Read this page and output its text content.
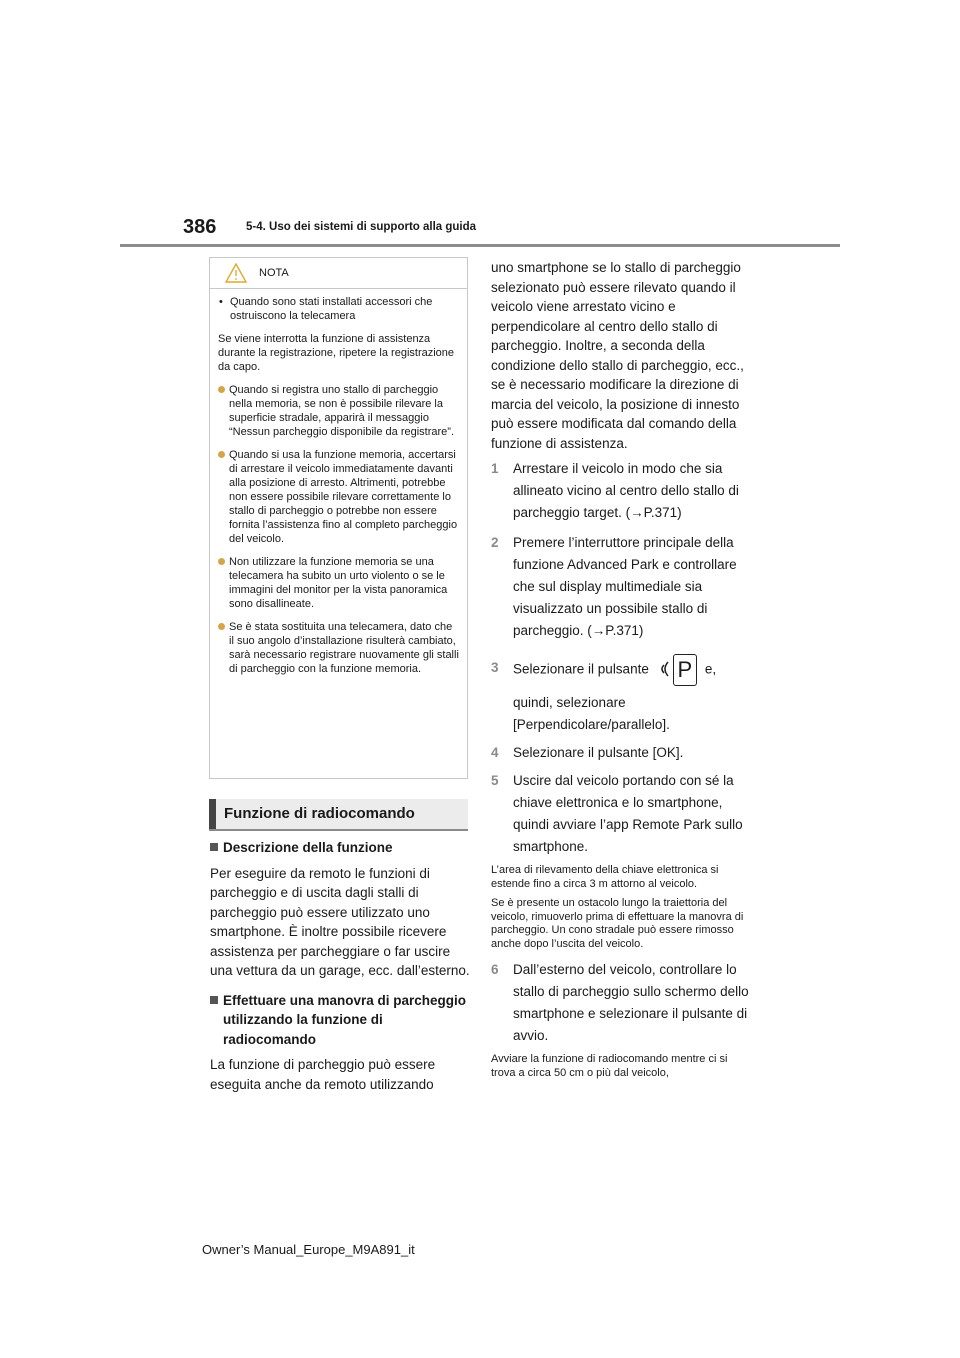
386	5-4. Uso dei sistemi di supporto alla guida
NOTA
• Quando sono stati installati accessori che ostruiscono la telecamera
Se viene interrotta la funzione di assistenza durante la registrazione, ripetere la registrazione da capo.
Quando si registra uno stallo di parcheggio nella memoria, se non è possibile rilevare la superficie stradale, apparirà il messaggio “Nessun parcheggio disponibile da registrare”.
Quando si usa la funzione memoria, accertarsi di arrestare il veicolo immediatamente davanti alla posizione di arresto. Altrimenti, potrebbe non essere possibile rilevare correttamente lo stallo di parcheggio o potrebbe non essere fornita l’assistenza fino al completo parcheggio del veicolo.
Non utilizzare la funzione memoria se una telecamera ha subito un urto violento o se le immagini del monitor per la vista panoramica sono disallineate.
Se è stata sostituita una telecamera, dato che il suo angolo d’installazione risulterà cambiato, sarà necessario registrare nuovamente gli stalli di parcheggio con la funzione memoria.
Funzione di radiocomando
Descrizione della funzione

Per eseguire da remoto le funzioni di parcheggio e di uscita dagli stalli di parcheggio può essere utilizzato uno smartphone. È inoltre possibile ricevere assistenza per parcheggiare o far uscire una vettura da un garage, ecc. dall’esterno.

Effettuare una manovra di parcheggio utilizzando la funzione di radiocomando

La funzione di parcheggio può essere eseguita anche da remoto utilizzando

uno smartphone se lo stallo di parcheggio selezionato può essere rilevato quando il veicolo viene arrestato vicino e perpendicolare al centro dello stallo di parcheggio. Inoltre, a seconda della condizione dello stallo di parcheggio, ecc., se è necessario modificare la direzione di marcia del veicolo, la posizione di innesto può essere modificata dal comando della funzione di assistenza.

1 Arrestare il veicolo in modo che sia allineato vicino al centro dello stallo di parcheggio target. (→P.371)
2 Premere l’interruttore principale della funzione Advanced Park e controllare che sul display multimediale sia visualizzato un possibile stallo di parcheggio. (→P.371)
3 Selezionare il pulsante P e,
quindi, selezionare [Perpendicolare/parallelo].
4 Selezionare il pulsante [OK].
5 Uscire dal veicolo portando con sé la chiave elettronica e lo smartphone, quindi avviare l’app Remote Park sullo smartphone.

L’area di rilevamento della chiave elettronica si estende fino a circa 3 m attorno al veicolo.

Se è presente un ostacolo lungo la traiettoria del veicolo, rimuoverlo prima di effettuare la manovra di parcheggio. Un cono stradale può essere rimosso anche dopo l’uscita del veicolo.

6 Dall’esterno del veicolo, controllare lo stallo di parcheggio sullo schermo dello smartphone e selezionare il pulsante di avvio.

Avviare la funzione di radiocomando mentre ci si trova a circa 50 cm o più dal veicolo,

Owner’s Manual_Europe_M9A891_it
